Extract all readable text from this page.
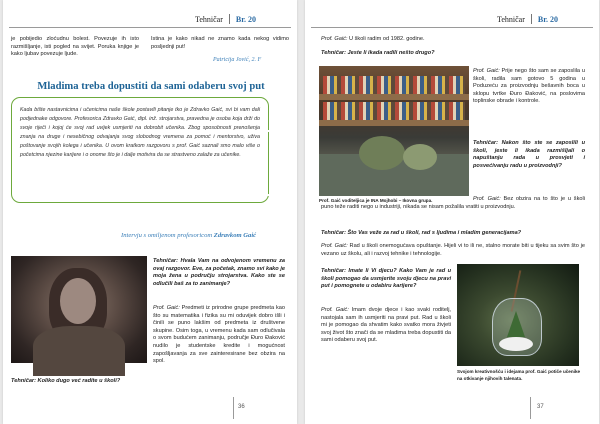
Tehničar Br. 20

je pobijedio zloćudnu bolest. Povezuje ih isto razmišljanje, isti pogled na svijet. Poruka knjige je kako ljubav povezuje ljude.

Istina je kako nikad ne znamo kada nekog vidimo posljednji put!

Patricija Jović, 2. F
Mladima treba dopustiti da sami odaberu svoj put

Kada bište nastavnicima i učenicima naše škole postavili pitanje tko je Zdravko Gaić, svi bi vam dali podjednake odgovore. Profesorica Zdravko Gaić, dipl. inž. strojarstva, pravedna je osoba koja drži do svoje riječi i kojoj će svoj rad uvijek usmjeriti na dobrobit učenika. Zbog sposobnosti prenošenja znanja na drugе i nesebičnog odvajanja svog slobodnog vremena za pomoć i mentorstvo, uživa poštovanje svojih kolega i učenika. U ovom kratkom razgovoru s prof. Gaić saznali smo malo više o početcima njezine karijere i o onome što je i dalje motivira da se strastveno zalaže za učenike.

Intervju s omiljenom profesoricom Zdravkom Gaić

Tehničar: Hvala Vam na odvojenom vremenu za ovaj razgovor. Eve, za početak, znamo svi kako je moja žena u području strojarstva. Kako ste se odlučili baš za to zanimanje?

Prof. Gaić: Predmeti iz prirodne grupe predmeta kao što su matematika i fizika su mi oduvijek dobro išli i činili se puno lakšim od predmeta iz društvene skupine. Osim toga, u vremenu kada sam odlučivala o svom budućem zanimanju, područje Đuro Đaković nudilo je studentske kredite i mogućnost zapošljavanja za sve zainteresirane bez obzira na spol.

Tehničar: Koliko dugo već radite u školi?

36
Tehničar Br. 20

Prof. Gaić: U školi radim od 1982. godine.

Tehničar: Jeste li ikada radili nešto drugo?

Prof. Gaić voditeljica je INA Mojhobi – Ikovna grupa.

Prof. Gaić: Prije nego što sam se zaposlila u školi, radila sam gotovo 5 godina u Poduzeću za proizvodnju bešavnih boca u sklopu tvrtke Đuro Đaković, na poslovima toplinske obrade i kontrole.

Tehničar: Nakon što ste se zaposlili u školi, jeste li ikada razmišljali o napuštanju rada u prosvjeti i posvećivanju radu u proizvodnji?

Prof. Gaić: Bez obzira na to što je u školi puno teže raditi nego u industriji, nikada se nisam požalila vratiti u proizvodnju.

Tehničar: Što Vas veže za rad u školi, rad s ljudima i mladim generacijama?

Prof. Gaić: Rad u školi onemogućava opuštanje. Hijeli vi to ili ne, stalno morate biti u tijeku sa svim što je vezano uz školu, ali i razvoj tehnike i tehnologije.

Tehničar: Imate li Vi djecu? Kako Vam je rad u školi pomogao da usmjerite svoju djecu na pravi put i pomognete u odabiru karijere?

Prof. Gaić: Imam dvoje djece i kao svaki roditelj, nastojala sam ih usmjeriti na pravi put. Rad u školi mi je pomogao da shvatim kako svatko mora živjeti svoj život što znači da se mladima treba dopustiti da sami odaberu svoj put.

Svojom kreativnošću i idejama prof. Gaić potiče učenike na otkivanje njihovih talenata.

37
